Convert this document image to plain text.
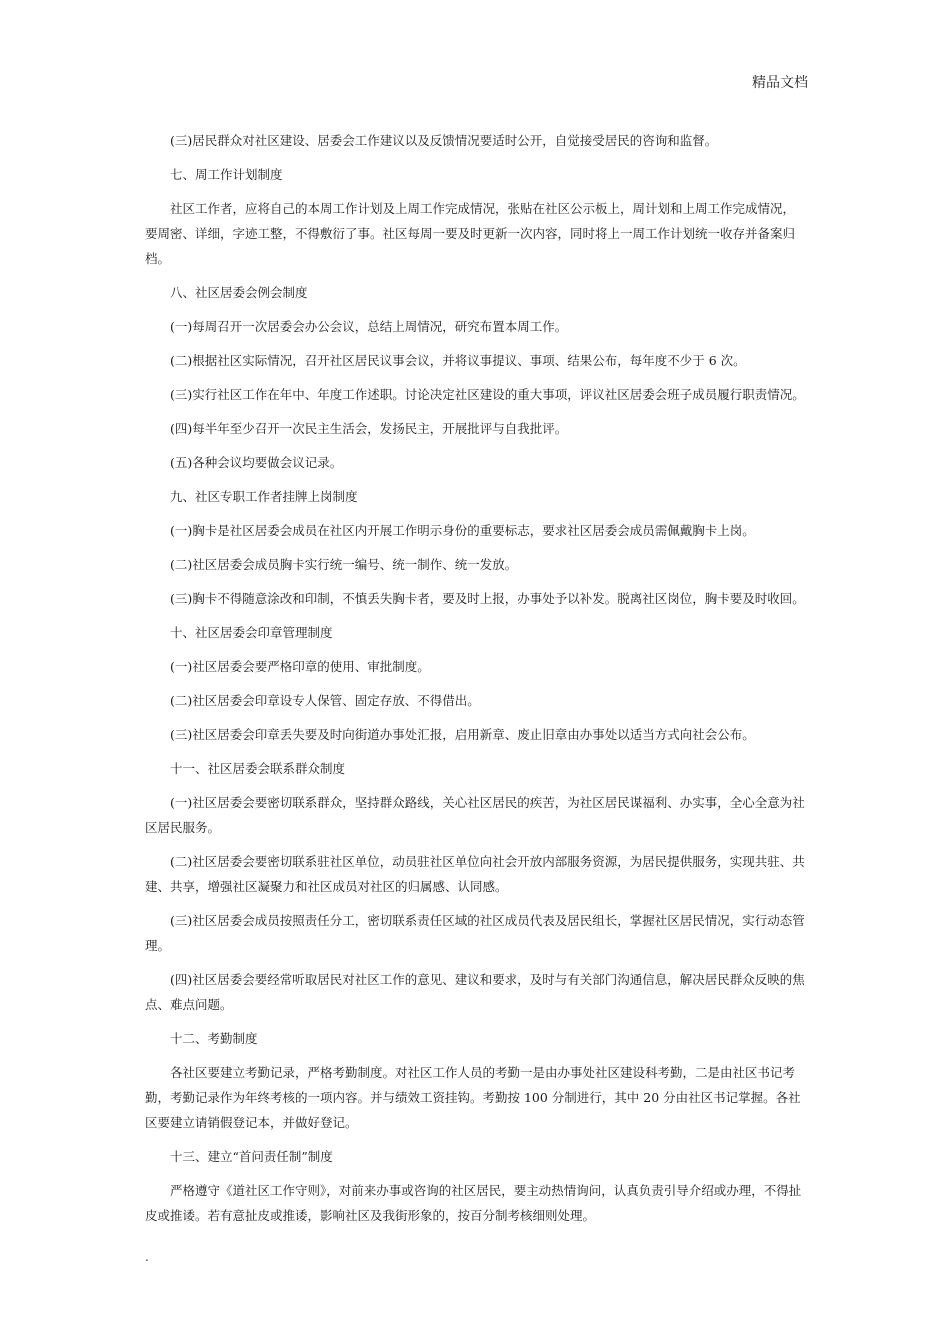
精品文档

(三)居民群众对社区建设、居委会工作建议以及反馈情况要适时公开，自觉接受居民的咨询和监督。

七、周工作计划制度

社区工作者，应将自己的本周工作计划及上周工作完成情况，张贴在社区公示板上，周计划和上周工作完成情况，要周密、详细，字迹工整，不得敷衍了事。社区每周一要及时更新一次内容，同时将上一周工作计划统一收存并备案归档。

八、社区居委会例会制度

(一)每周召开一次居委会办公会议，总结上周情况，研究布置本周工作。

(二)根据社区实际情况，召开社区居民议事会议，并将议事提议、事项、结果公布，每年度不少于 6 次。

(三)实行社区工作在年中、年度工作述职。讨论决定社区建设的重大事项，评议社区居委会班子成员履行职责情况。

(四)每半年至少召开一次民主生活会，发扬民主，开展批评与自我批评。

(五)各种会议均要做会议记录。

九、社区专职工作者挂牌上岗制度

(一)胸卡是社区居委会成员在社区内开展工作明示身份的重要标志，要求社区居委会成员需佩戴胸卡上岗。

(二)社区居委会成员胸卡实行统一编号、统一制作、统一发放。

(三)胸卡不得随意涂改和印制，不慎丢失胸卡者，要及时上报，办事处予以补发。脱离社区岗位，胸卡要及时收回。

十、社区居委会印章管理制度

(一)社区居委会要严格印章的使用、审批制度。

(二)社区居委会印章设专人保管、固定存放、不得借出。

(三)社区居委会印章丢失要及时向街道办事处汇报，启用新章、废止旧章由办事处以适当方式向社会公布。

十一、社区居委会联系群众制度

(一)社区居委会要密切联系群众，坚持群众路线，关心社区居民的疾苦，为社区居民谋福利、办实事，全心全意为社区居民服务。

(二)社区居委会要密切联系驻社区单位，动员驻社区单位向社会开放内部服务资源，为居民提供服务，实现共驻、共建、共享，增强社区凝聚力和社区成员对社区的归属感、认同感。

(三)社区居委会成员按照责任分工，密切联系责任区域的社区成员代表及居民组长，掌握社区居民情况，实行动态管理。

(四)社区居委会要经常听取居民对社区工作的意见、建议和要求，及时与有关部门沟通信息，解决居民群众反映的焦点、难点问题。

十二、考勤制度

各社区要建立考勤记录，严格考勤制度。对社区工作人员的考勤一是由办事处社区建设科考勤，二是由社区书记考勤，考勤记录作为年终考核的一项内容。并与绩效工资挂钩。考勤按 100 分制进行，其中 20 分由社区书记掌握。各社区要建立请销假登记本，并做好登记。

十三、建立“首问责任制”制度

严格遵守《道社区工作守则》，对前来办事或咨询的社区居民，要主动热情询问，认真负责引导介绍或办理，不得扯皮或推诿。若有意扯皮或推诿，影响社区及我街形象的，按百分制考核细则处理。

.
